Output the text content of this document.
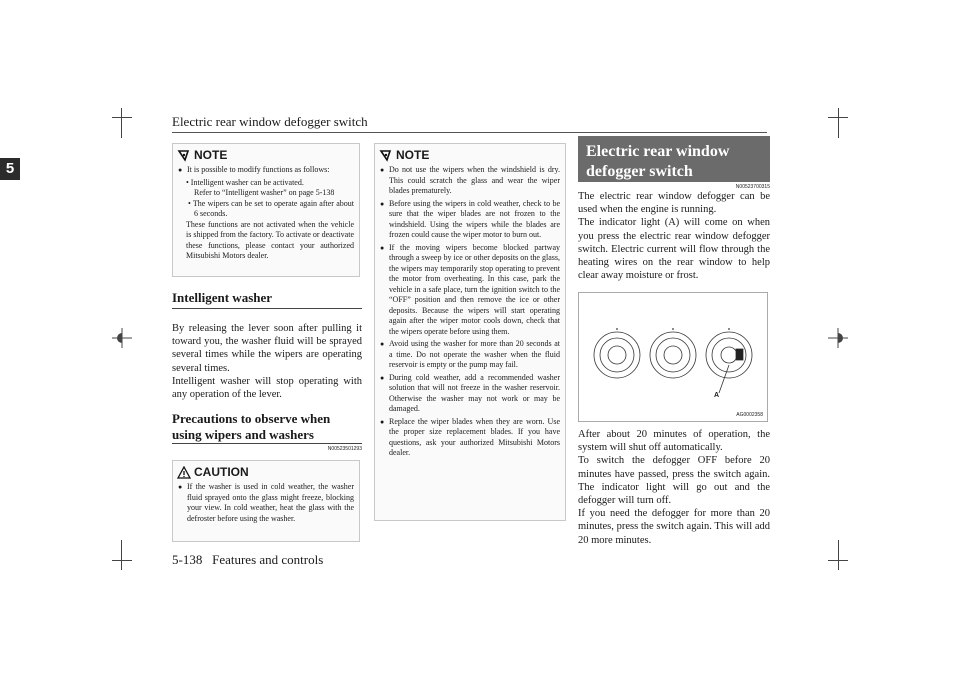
Electric rear window defogger switch
5
NOTE
● It is possible to modify functions as follows:
• Intelligent washer can be activated.
Refer to “Intelligent washer” on page 5-138
• The wipers can be set to operate again after about 6 seconds.
These functions are not activated when the vehicle is shipped from the factory. To activate or deactivate these functions, please contact your authorized Mitsubishi Motors dealer.
Intelligent washer
By releasing the lever soon after pulling it toward you, the washer fluid will be sprayed several times while the wipers are operating several times.
Intelligent washer will stop operating with any operation of the lever.
Precautions to observe when using wipers and washers
N00523501293
CAUTION
● If the washer is used in cold weather, the washer fluid sprayed onto the glass might freeze, blocking your view. In cold weather, heat the glass with the defroster before using the washer.
NOTE
● Do not use the wipers when the windshield is dry. This could scratch the glass and wear the wiper blades prematurely.
● Before using the wipers in cold weather, check to be sure that the wiper blades are not frozen to the windshield. Using the wipers while the blades are frozen could cause the wiper motor to burn out.
● If the moving wipers become blocked partway through a sweep by ice or other deposits on the glass, the wipers may temporarily stop operating to prevent the motor from overheating. In this case, park the vehicle in a safe place, turn the ignition switch to the “OFF” position and then remove the ice or other deposits. Because the wipers will start operating again after the wiper motor cools down, check that the wipers operate before using them.
● Avoid using the washer for more than 20 seconds at a time. Do not operate the washer when the fluid reservoir is empty or the pump may fail.
● During cold weather, add a recommended washer solution that will not freeze in the washer reservoir. Otherwise the washer may not work or may be damaged.
● Replace the wiper blades when they are worn. Use the proper size replacement blades. If you have questions, ask your authorized Mitsubishi Motors dealer.
Electric rear window defogger switch
N00523700315
The electric rear window defogger can be used when the engine is running.
The indicator light (A) will come on when you press the electric rear window defogger switch. Electric current will flow through the heating wires on the rear window to help clear away moisture or frost.
A
AG0002358
After about 20 minutes of operation, the system will shut off automatically.
To switch the defogger OFF before 20 minutes have passed, press the switch again. The indicator light will go out and the defogger will turn off.
If you need the defogger for more than 20 minutes, press the switch again. This will add 20 more minutes.
5-138 Features and controls
